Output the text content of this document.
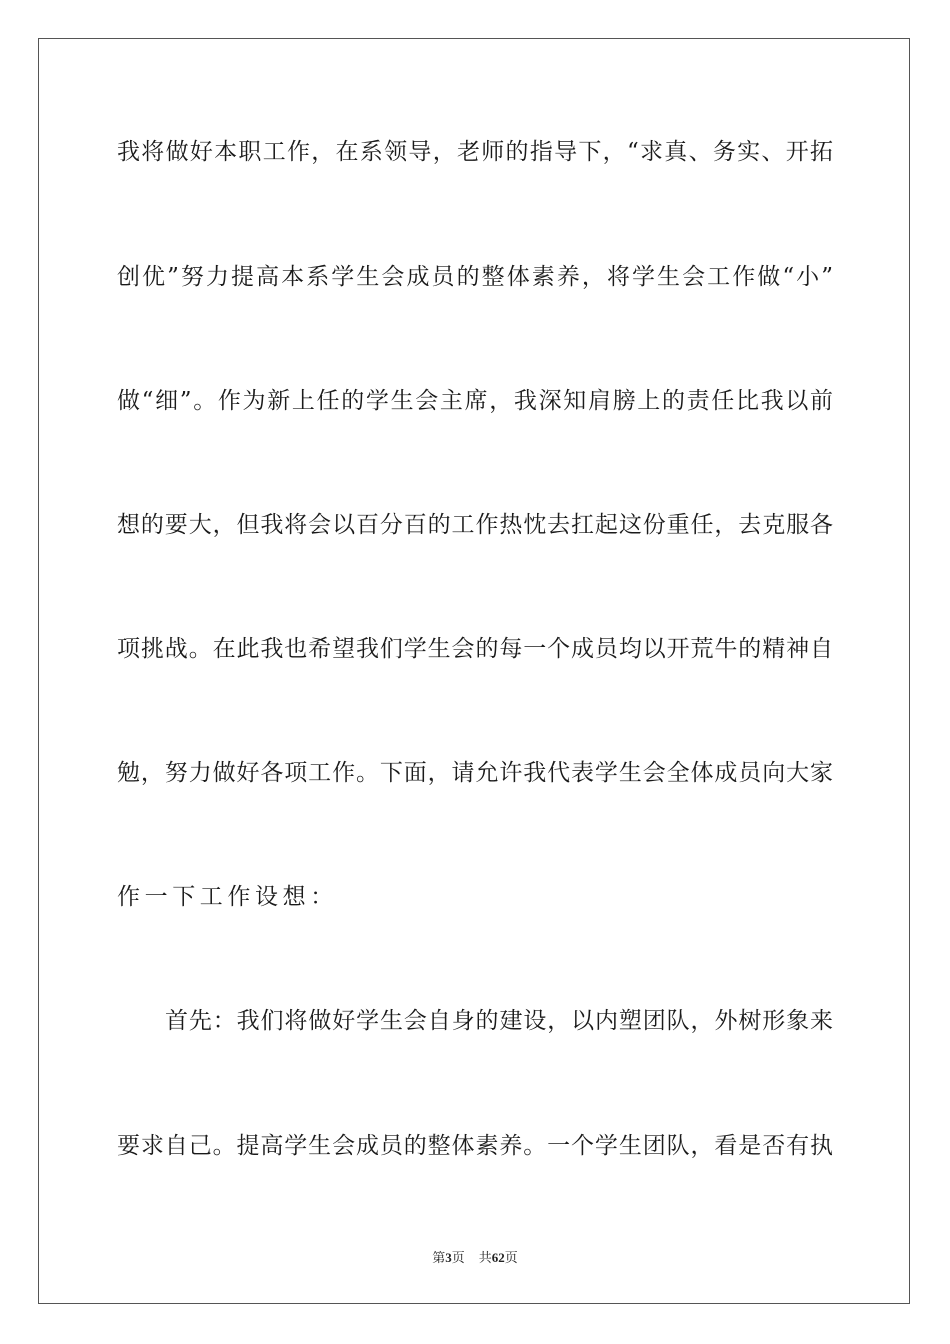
我将做好本职工作，在系领导，老师的指导下，“求真、务实、开拓
创优”努力提高本系学生会成员的整体素养，将学生会工作做“小”
做“细”。作为新上任的学生会主席，我深知肩膀上的责任比我以前
想的要大，但我将会以百分百的工作热忱去扛起这份重任，去克服各
项挑战。在此我也希望我们学生会的每一个成员均以开荒牛的精神自
勉，努力做好各项工作。下面，请允许我代表学生会全体成员向大家
作一下工作设想：
首先：我们将做好学生会自身的建设，以内塑团队，外树形象来
要求自己。提高学生会成员的整体素养。一个学生团队，看是否有执
第3页 共62页
